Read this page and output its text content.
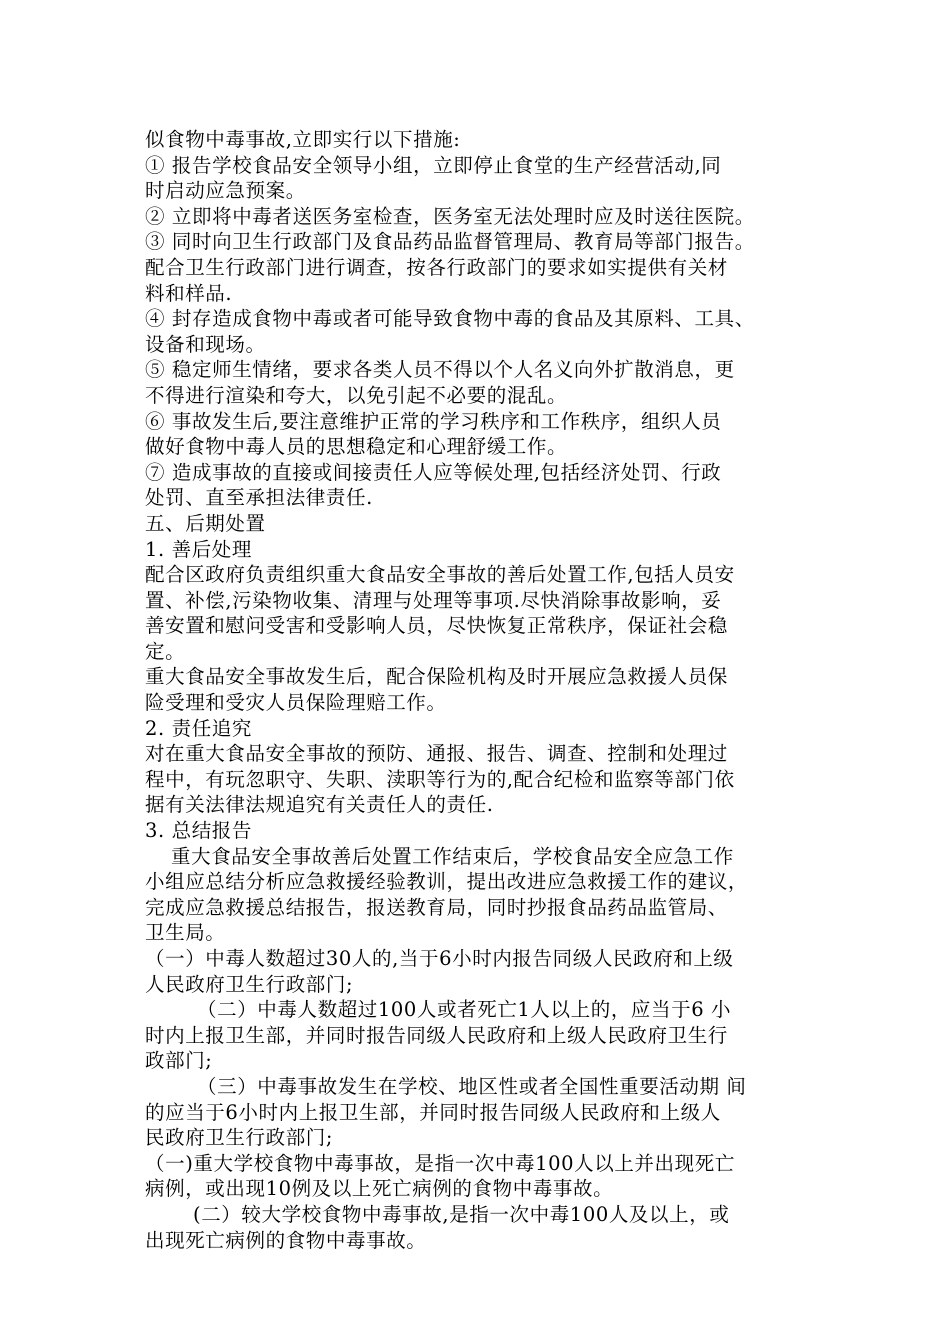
似食物中毒事故,立即实行以下措施:
① 报告学校食品安全领导小组，立即停止食堂的生产经营活动,同
时启动应急预案。
② 立即将中毒者送医务室检查，医务室无法处理时应及时送往医院。
③ 同时向卫生行政部门及食品药品监督管理局、教育局等部门报告。
配合卫生行政部门进行调查，按各行政部门的要求如实提供有关材
料和样品.
④ 封存造成食物中毒或者可能导致食物中毒的食品及其原料、工具、
设备和现场。
⑤ 稳定师生情绪，要求各类人员不得以个人名义向外扩散消息，更
不得进行渲染和夸大，以免引起不必要的混乱。
⑥ 事故发生后,要注意维护正常的学习秩序和工作秩序，组织人员
做好食物中毒人员的思想稳定和心理舒缓工作。
⑦ 造成事故的直接或间接责任人应等候处理,包括经济处罚、行政
处罚、直至承担法律责任.
五、后期处置
1. 善后处理
配合区政府负责组织重大食品安全事故的善后处置工作,包括人员安
置、补偿,污染物收集、清理与处理等事项.尽快消除事故影响，妥
善安置和慰问受害和受影响人员，尽快恢复正常秩序，保证社会稳
定。
重大食品安全事故发生后，配合保险机构及时开展应急救援人员保
险受理和受灾人员保险理赔工作。
2. 责任追究
对在重大食品安全事故的预防、通报、报告、调查、控制和处理过
程中，有玩忽职守、失职、渎职等行为的,配合纪检和监察等部门依
据有关法律法规追究有关责任人的责任.
3. 总结报告
重大食品安全事故善后处置工作结束后，学校食品安全应急工作
小组应总结分析应急救援经验教训，提出改进应急救援工作的建议，
完成应急救援总结报告，报送教育局，同时抄报食品药品监管局、
卫生局。
（一）中毒人数超过30人的,当于6小时内报告同级人民政府和上级
人民政府卫生行政部门;
（二）中毒人数超过100人或者死亡1人以上的，应当于6 小
时内上报卫生部，并同时报告同级人民政府和上级人民政府卫生行
政部门;
（三）中毒事故发生在学校、地区性或者全国性重要活动期 间
的应当于6小时内上报卫生部，并同时报告同级人民政府和上级人
民政府卫生行政部门;
（一)重大学校食物中毒事故，是指一次中毒100人以上并出现死亡
病例，或出现10例及以上死亡病例的食物中毒事故。
(二）较大学校食物中毒事故,是指一次中毒100人及以上，或
出现死亡病例的食物中毒事故。
